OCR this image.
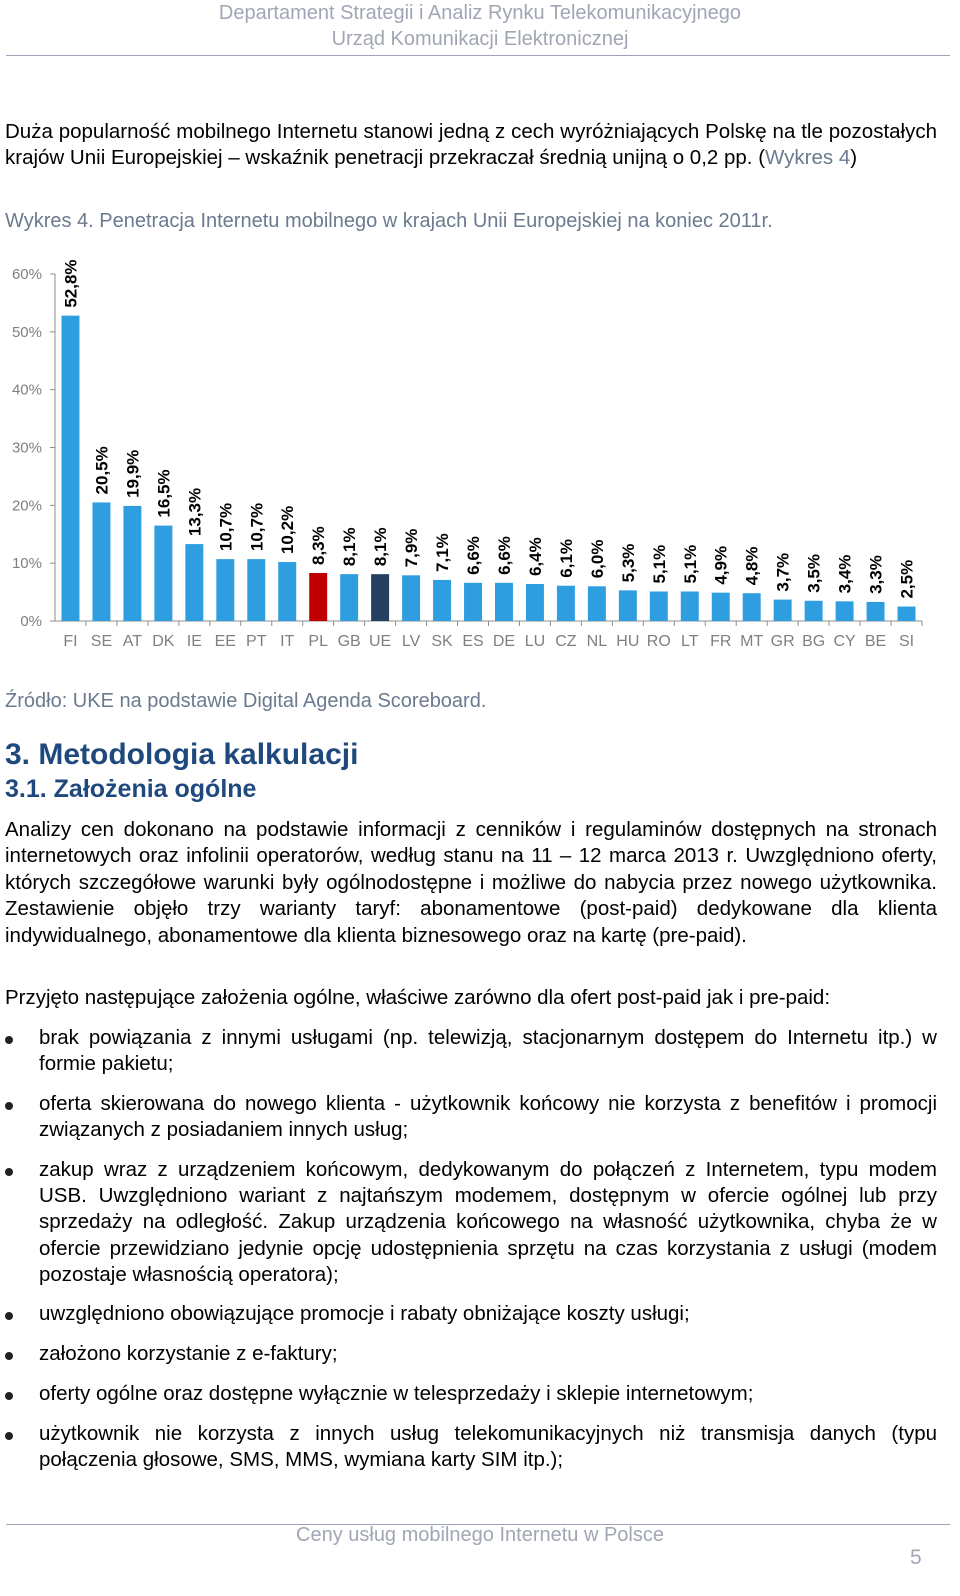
Departament Strategii i Analiz Rynku Telekomunikacyjnego
Urząd Komunikacji Elektronicznej
Duża popularność mobilnego Internetu stanowi jedną z cech wyróżniających Polskę na tle pozostałych krajów Unii Europejskiej – wskaźnik penetracji przekraczał średnią unijną o 0,2 pp. (Wykres 4)
Wykres 4. Penetracja Internetu mobilnego w krajach Unii Europejskiej na koniec 2011r.
0%
10%
20%
30%
40%
50%
60%
FI
52,8%
SE
20,5%
AT
19,9%
DK
16,5%
IE
13,3%
EE
10,7%
PT
10,7%
IT
10,2%
PL
8,3%
GB
8,1%
UE
8,1%
LV
7,9%
SK
7,1%
ES
6,6%
DE
6,6%
LU
6,4%
CZ
6,1%
NL
6,0%
HU
5,3%
RO
5,1%
LT
5,1%
FR
4,9%
MT
4,8%
GR
3,7%
BG
3,5%
CY
3,4%
BE
3,3%
SI
2,5%
Źródło: UKE na podstawie Digital Agenda Scoreboard.
3. Metodologia kalkulacji
3.1. Założenia ogólne
Analizy cen dokonano na podstawie informacji z cenników i regulaminów dostępnych na stronach internetowych oraz infolinii operatorów, według stanu na 11 – 12 marca 2013 r. Uwzględniono oferty, których szczegółowe warunki były ogólnodostępne i możliwe do nabycia przez nowego użytkownika. Zestawienie objęło trzy warianty taryf: abonamentowe (post-paid) dedykowane dla klienta indywidualnego, abonamentowe dla klienta biznesowego oraz na kartę (pre-paid).
Przyjęto następujące założenia ogólne, właściwe zarówno dla ofert post-paid jak i pre-paid:
brak powiązania z innymi usługami (np. telewizją, stacjonarnym dostępem do Internetu itp.) w formie pakietu;
oferta skierowana do nowego klienta - użytkownik końcowy nie korzysta z benefitów i promocji związanych z posiadaniem innych usług;
zakup wraz z urządzeniem końcowym, dedykowanym do połączeń z Internetem, typu modem USB. Uwzględniono wariant z najtańszym modemem, dostępnym w ofercie ogólnej lub przy sprzedaży na odległość. Zakup urządzenia końcowego na własność użytkownika, chyba że w ofercie przewidziano jedynie opcję udostępnienia sprzętu na czas korzystania z usługi (modem pozostaje własnością operatora);
uwzględniono obowiązujące promocje i rabaty obniżające koszty usługi;
założono korzystanie z e-faktury;
oferty ogólne oraz dostępne wyłącznie w telesprzedaży i sklepie internetowym;
użytkownik nie korzysta z innych usług telekomunikacyjnych niż transmisja danych (typu połączenia głosowe, SMS, MMS, wymiana karty SIM itp.);
Ceny usług mobilnego Internetu w Polsce
5
